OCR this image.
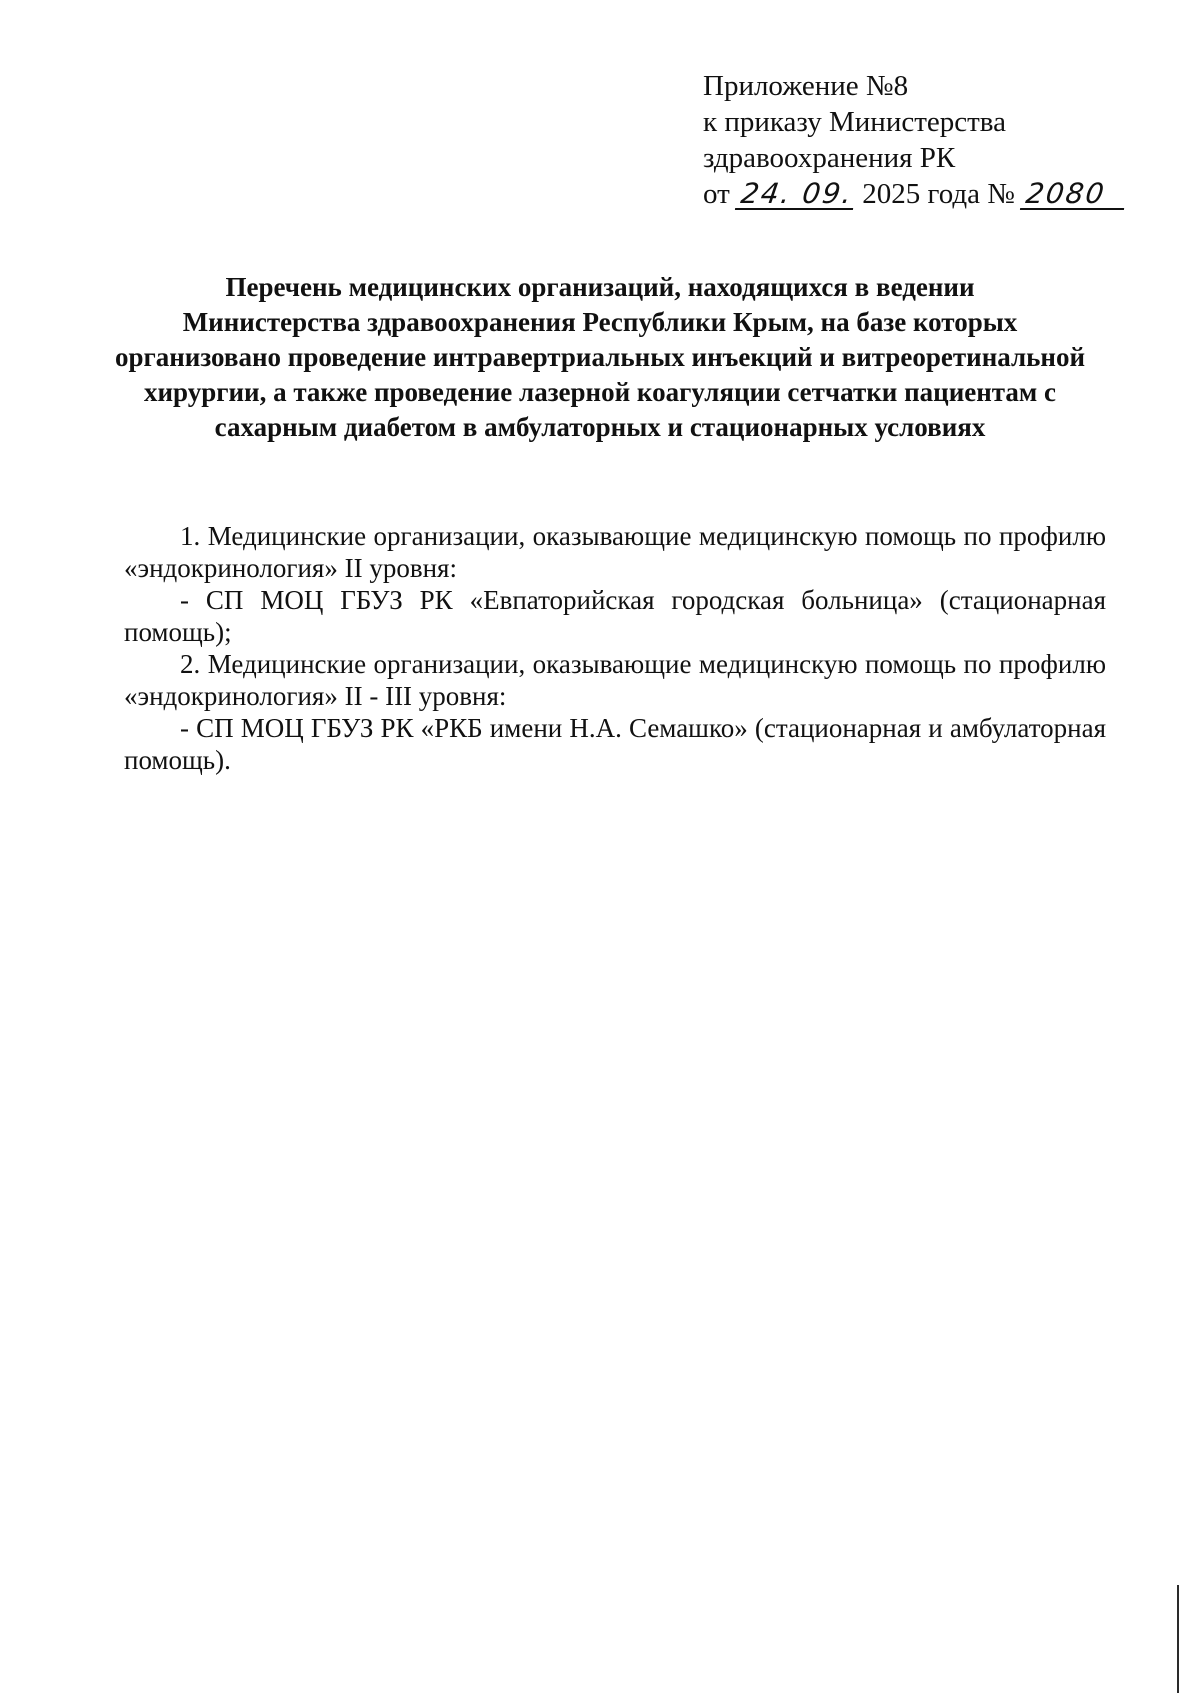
Приложение №8
к приказу Министерства
здравоохранения РК
от 24. 09. 2025 года № 2080
Перечень медицинских организаций, находящихся в ведении
Министерства здравоохранения Республики Крым, на базе которых
организовано проведение интравертриальных инъекций и витреоретинальной
хирургии, а также проведение лазерной коагуляции сетчатки пациентам с
сахарным диабетом в амбулаторных и стационарных условиях

1. Медицинские организации, оказывающие медицинскую помощь по профилю «эндокринология» II уровня:

- СП МОЦ ГБУЗ РК «Евпаторийская городская больница» (стационарная помощь);

2. Медицинские организации, оказывающие медицинскую помощь по профилю «эндокринология» II - III уровня:

- СП МОЦ ГБУЗ РК «РКБ имени Н.А. Семашко» (стационарная и амбулаторная помощь).
